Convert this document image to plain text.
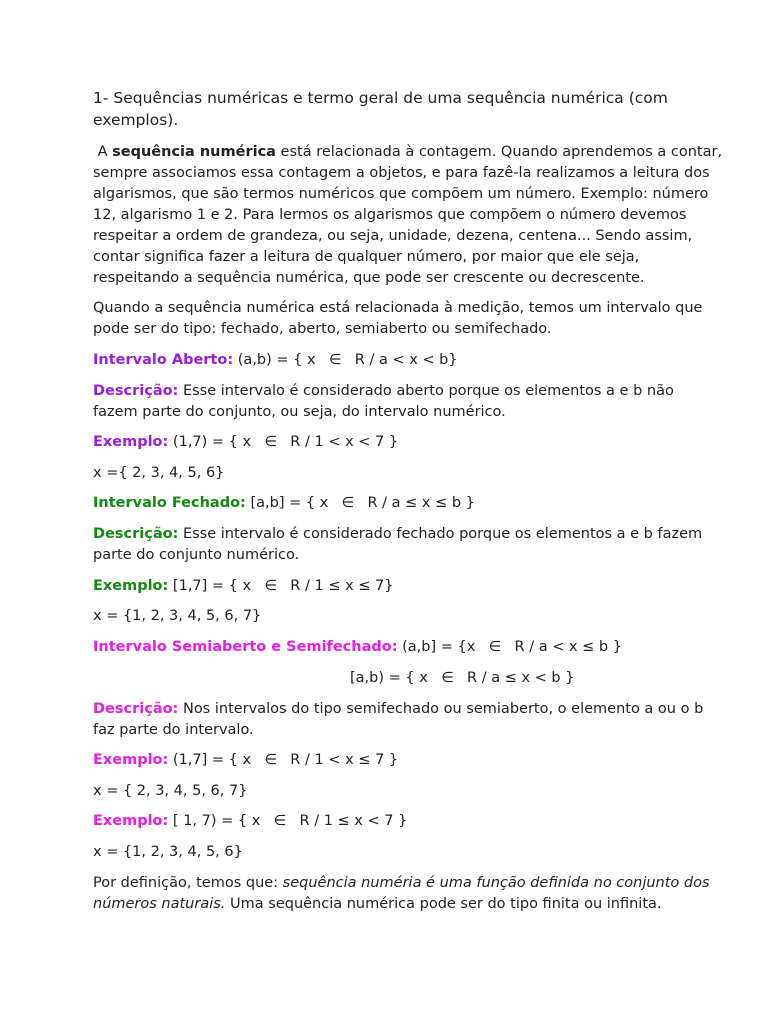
1- Sequências numéricas e termo geral de uma sequência numérica (com
exemplos).
A sequência numérica está relacionada à contagem. Quando aprendemos a contar,
sempre associamos essa contagem a objetos, e para fazê-la realizamos a leitura dos
algarismos, que são termos numéricos que compõem um número. Exemplo: número
12, algarismo 1 e 2. Para lermos os algarismos que compõem o número devemos
respeitar a ordem de grandeza, ou seja, unidade, dezena, centena... Sendo assim,
contar significa fazer a leitura de qualquer número, por maior que ele seja,
respeitando a sequência numérica, que pode ser crescente ou decrescente.
Quando a sequência numérica está relacionada à medição, temos um intervalo que
pode ser do tipo: fechado, aberto, semiaberto ou semifechado.
Intervalo Aberto: (a,b) = { x ∈ R / a < x < b}
Descrição: Esse intervalo é considerado aberto porque os elementos a e b não
fazem parte do conjunto, ou seja, do intervalo numérico.
Exemplo: (1,7) = { x ∈ R / 1 < x < 7 }
x ={ 2, 3, 4, 5, 6}
Intervalo Fechado: [a,b] = { x ∈ R / a ≤ x ≤ b }
Descrição: Esse intervalo é considerado fechado porque os elementos a e b fazem
parte do conjunto numérico.
Exemplo: [1,7] = { x ∈ R / 1 ≤ x ≤ 7}
x = {1, 2, 3, 4, 5, 6, 7}
Intervalo Semiaberto e Semifechado: (a,b] = {x ∈ R / a < x ≤ b }
[a,b) = { x ∈ R / a ≤ x < b }
Descrição: Nos intervalos do tipo semifechado ou semiaberto, o elemento a ou o b
faz parte do intervalo.
Exemplo: (1,7] = { x ∈ R / 1 < x ≤ 7 }
x = { 2, 3, 4, 5, 6, 7}
Exemplo: [ 1, 7) = { x ∈ R / 1 ≤ x < 7 }
x = {1, 2, 3, 4, 5, 6}
Por definição, temos que: sequência numéria é uma função definida no conjunto dos
números naturais. Uma sequência numérica pode ser do tipo finita ou infinita.
